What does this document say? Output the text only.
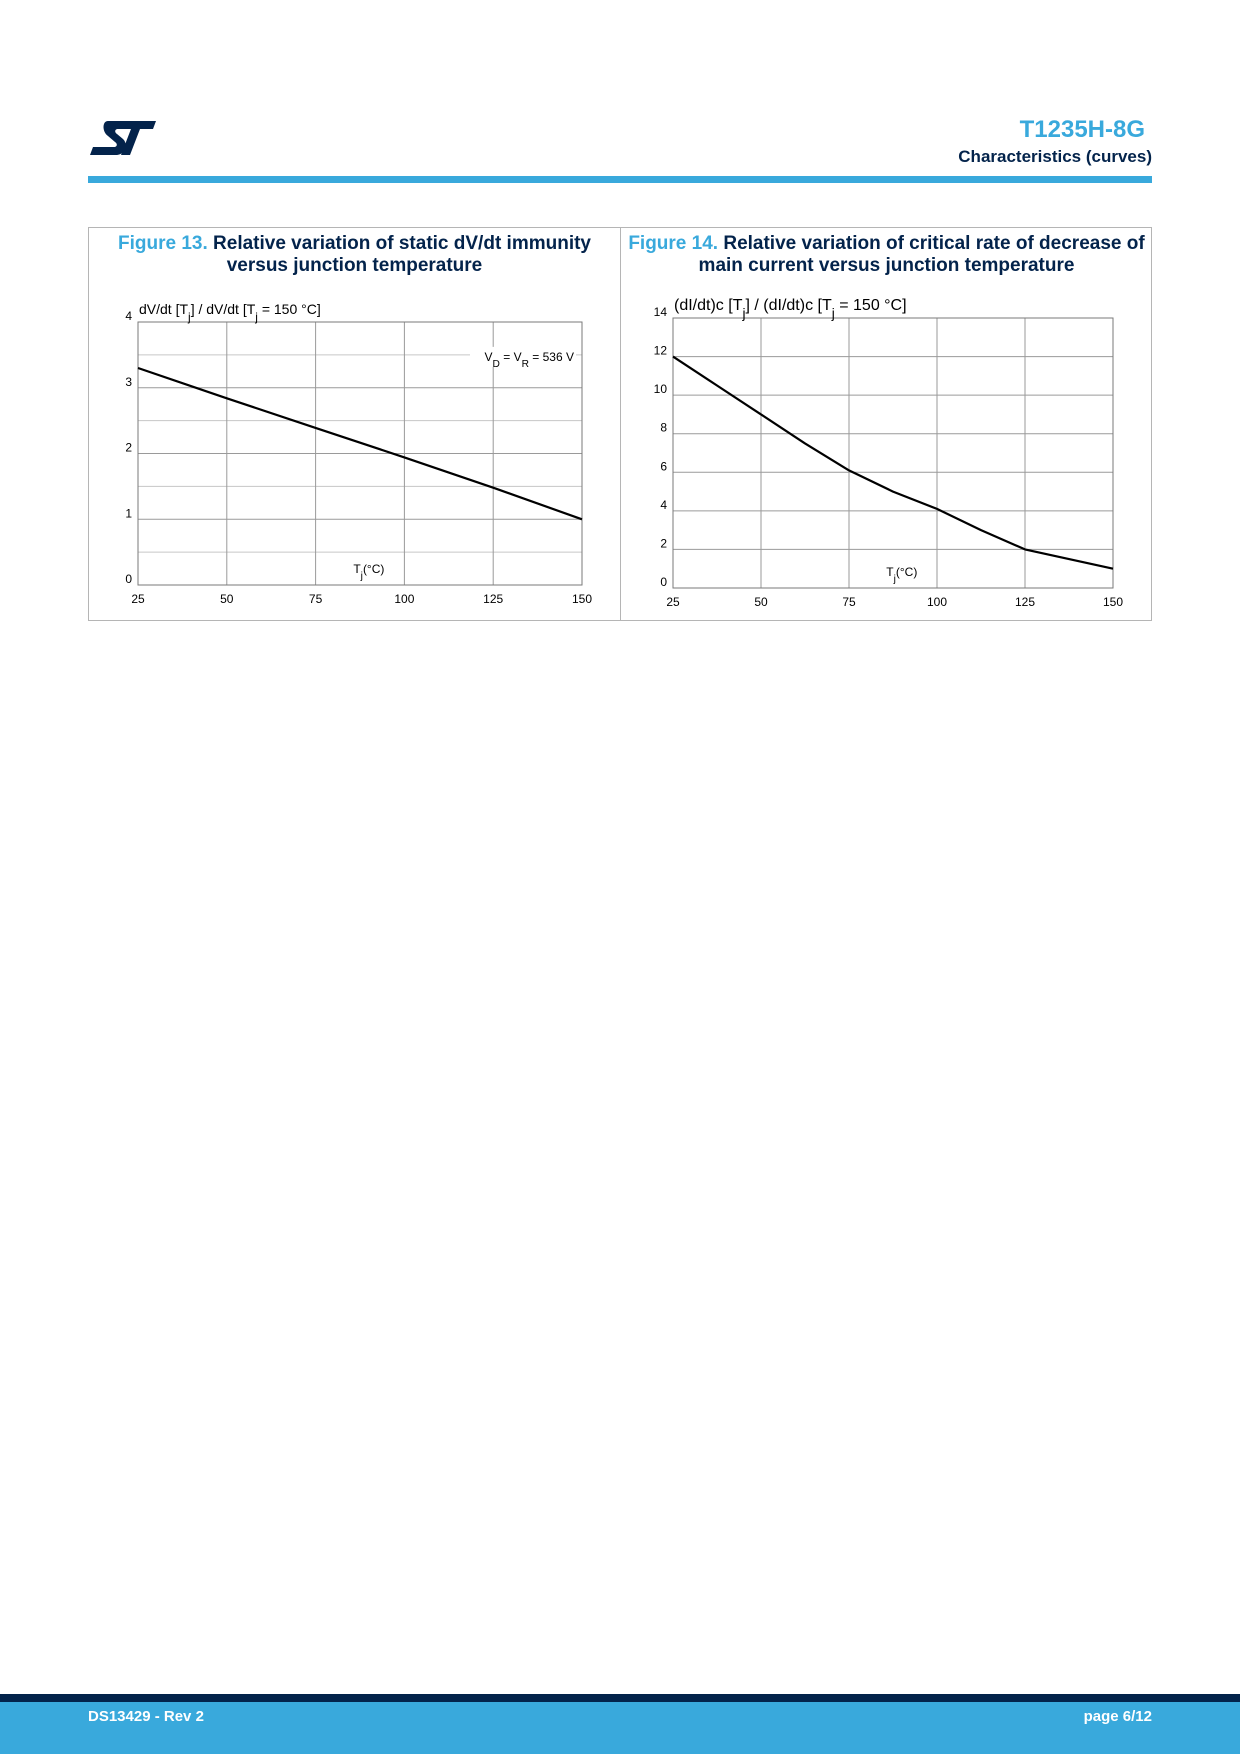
T1235H-8G
Characteristics (curves)
Figure 13. Relative variation of static dV/dt immunity versus junction temperature
Figure 14. Relative variation of critical rate of decrease of main current versus junction temperature
0
1
2
3
4
25	50	75	100	125	150
dV/dt $[T_j] / dV/dt$ [$T_j = 150$ °C]
$T_j(^\circ C)$
$V_D = V_R = 536$ V
0
2
4
6
8
10
12
14
25	50	75	100	125	150
(dI/dt)c $[T_j] / (dI/dt)c$ [$T_j = 150$ °C]
$T_j(^\circ C)$
DS13429 - Rev 2	page 6/12
